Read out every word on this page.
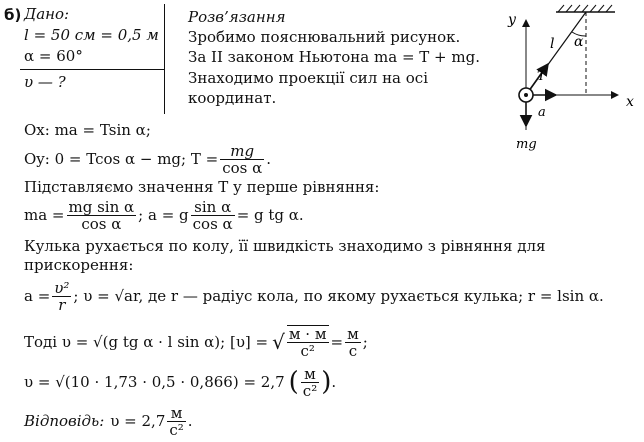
б) Дано:
l = 50 см = 0,5 м
α = 60°
υ — ?
Розв’язання
Зробимо пояснювальний рисунок.
За ІІ законом Ньютона ma = T + mg.
Знаходимо проекції сил на осі
координат.
y
x
l α
T
a
mg
Ox: ma = Tsin α;
Oy: 0 = Tcos α − mg; $T = \frac{mg}{\text{cos α}}$ .
Підставляємо значення T у перше рівняння:
ma = $\frac{\text{mg sin α}}{\text{cos α}}$ ; a = g $\frac{\text{sin α}}{\text{cos α}} = g$ tg α.
Кулька рухається по колу, її швидкість знаходимо з рівняння для
прискорення:
$a = \frac{\text{υ²}}{r}$ ; υ = √ar, де r — радіус кола, по якому рухається кулька; r = lsin α.
Тоді υ = √(g tg α · l sin α); [υ] = √ $\frac{м \cdot м}{\text{с²}} = \frac{м}{с}$ ;
υ = √(10 · 1,73 · 0,5 · 0,866) = 2,7 ( $\frac{м}{\text{с²}}$ ) .
Відповідь: $\upsilon = 2,7 \frac{м}{\text{с²}}$ .
